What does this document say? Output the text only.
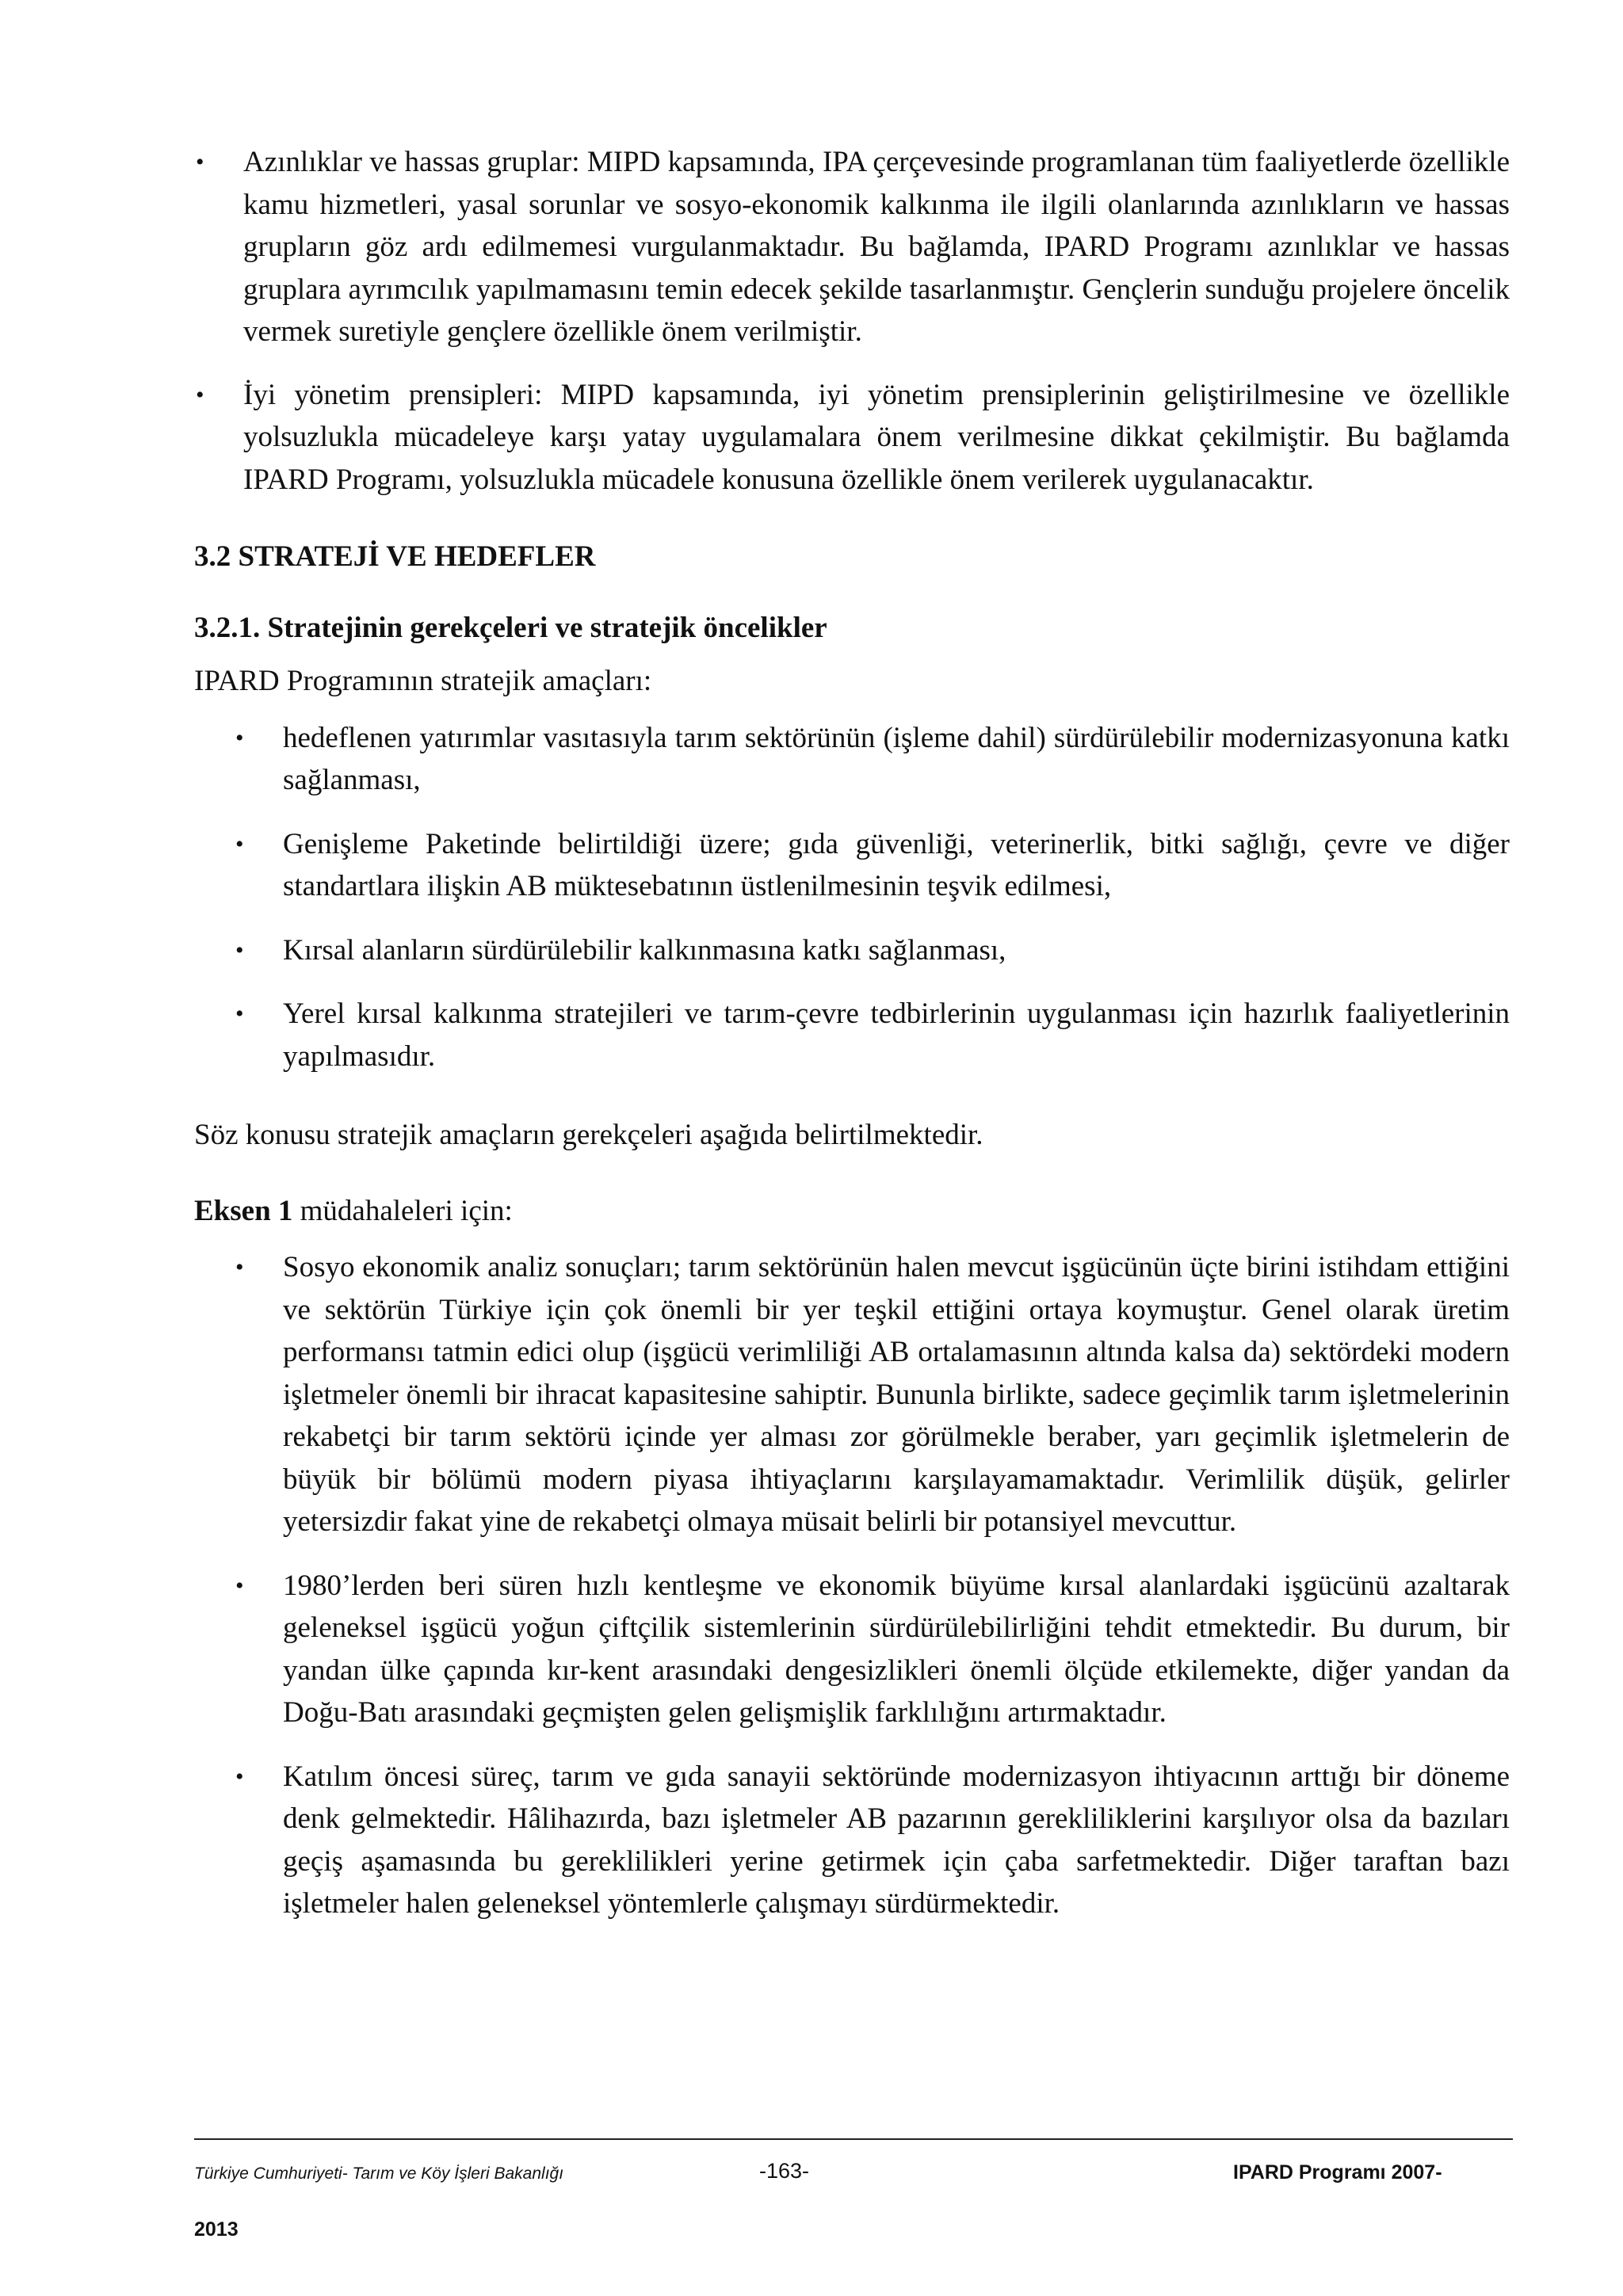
• Azınlıklar ve hassas gruplar: MIPD kapsamında, IPA çerçevesinde programlanan tüm faaliyetlerde özellikle kamu hizmetleri, yasal sorunlar ve sosyo-ekonomik kalkınma ile ilgili olanlarında azınlıkların ve hassas grupların göz ardı edilmemesi vurgulanmaktadır. Bu bağlamda, IPARD Programı azınlıklar ve hassas gruplara ayrımcılık yapılmamasını temin edecek şekilde tasarlanmıştır. Gençlerin sunduğu projelere öncelik vermek suretiyle gençlere özellikle önem verilmiştir.
• İyi yönetim prensipleri: MIPD kapsamında, iyi yönetim prensiplerinin geliştirilmesine ve özellikle yolsuzlukla mücadeleye karşı yatay uygulamalara önem verilmesine dikkat çekilmiştir. Bu bağlamda IPARD Programı, yolsuzlukla mücadele konusuna özellikle önem verilerek uygulanacaktır.

3.2 STRATEJİ VE HEDEFLER

3.2.1. Stratejinin gerekçeleri ve stratejik öncelikler

IPARD Programının stratejik amaçları:

• hedeflenen yatırımlar vasıtasıyla tarım sektörünün (işleme dahil) sürdürülebilir modernizasyonuna katkı sağlanması,
• Genişleme Paketinde belirtildiği üzere; gıda güvenliği, veterinerlik, bitki sağlığı, çevre ve diğer standartlara ilişkin AB müktesebatının üstlenilmesinin teşvik edilmesi,
• Kırsal alanların sürdürülebilir kalkınmasına katkı sağlanması,
• Yerel kırsal kalkınma stratejileri ve tarım-çevre tedbirlerinin uygulanması için hazırlık faaliyetlerinin yapılmasıdır.

Söz konusu stratejik amaçların gerekçeleri aşağıda belirtilmektedir.

Eksen 1 müdahaleleri için:

• Sosyo ekonomik analiz sonuçları; tarım sektörünün halen mevcut işgücünün üçte birini istihdam ettiğini ve sektörün Türkiye için çok önemli bir yer teşkil ettiğini ortaya koymuştur. Genel olarak üretim performansı tatmin edici olup (işgücü verimliliği AB ortalamasının altında kalsa da) sektördeki modern işletmeler önemli bir ihracat kapasitesine sahiptir. Bununla birlikte, sadece geçimlik tarım işletmelerinin rekabetçi bir tarım sektörü içinde yer alması zor görülmekle beraber, yarı geçimlik işletmelerin de büyük bir bölümü modern piyasa ihtiyaçlarını karşılayamamaktadır. Verimlilik düşük, gelirler yetersizdir fakat yine de rekabetçi olmaya müsait belirli bir potansiyel mevcuttur.
• 1980’lerden beri süren hızlı kentleşme ve ekonomik büyüme kırsal alanlardaki işgücünü azaltarak geleneksel işgücü yoğun çiftçilik sistemlerinin sürdürülebilirliğini tehdit etmektedir. Bu durum, bir yandan ülke çapında kır-kent arasındaki dengesizlikleri önemli ölçüde etkilemekte, diğer yandan da Doğu-Batı arasındaki geçmişten gelen gelişmişlik farklılığını artırmaktadır.
• Katılım öncesi süreç, tarım ve gıda sanayii sektöründe modernizasyon ihtiyacının arttığı bir döneme denk gelmektedir. Hâlihazırda, bazı işletmeler AB pazarının gerekliliklerini karşılıyor olsa da bazıları geçiş aşamasında bu gereklilikleri yerine getirmek için çaba sarfetmektedir. Diğer taraftan bazı işletmeler halen geleneksel yöntemlerle çalışmayı sürdürmektedir.
Türkiye Cumhuriyeti- Tarım ve Köy İşleri Bakanlığı	-163-	IPARD Programı 2007-
2013
